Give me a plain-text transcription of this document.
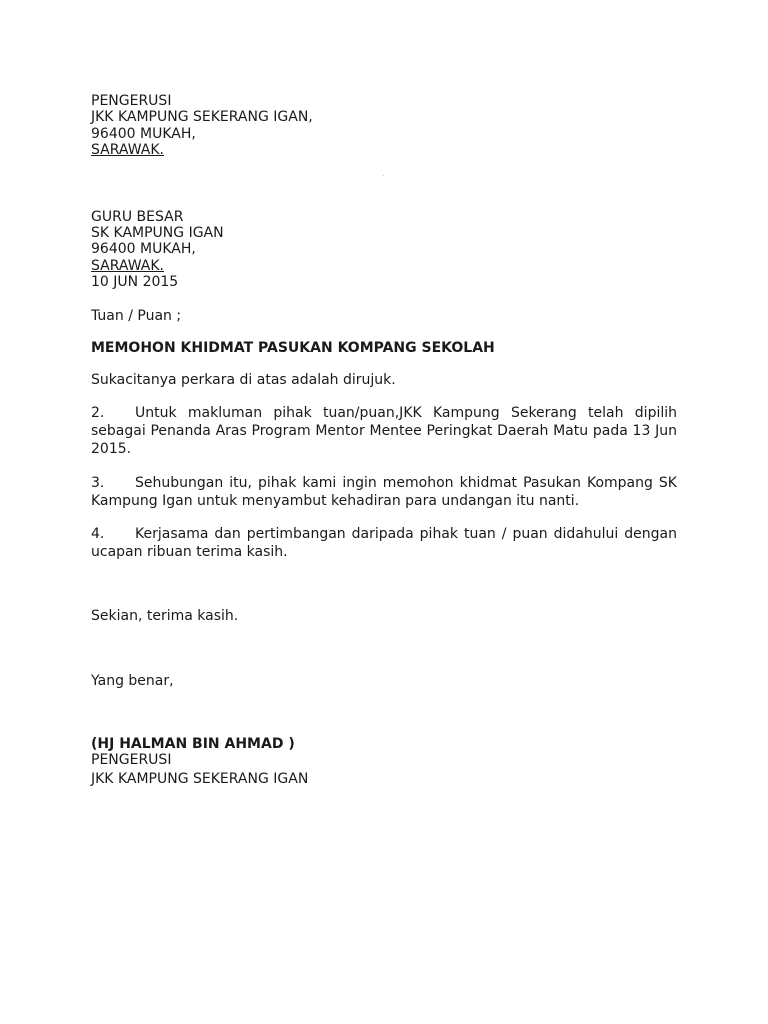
PENGERUSI
JKK KAMPUNG SEKERANG IGAN,
96400 MUKAH,
SARAWAK.
GURU BESAR
SK KAMPUNG IGAN
96400 MUKAH,
SARAWAK.
10 JUN 2015
Tuan / Puan ;
MEMOHON KHIDMAT PASUKAN KOMPANG SEKOLAH
Sukacitanya perkara di atas adalah dirujuk.
2. Untuk makluman pihak tuan/puan,JKK Kampung Sekerang telah dipilih sebagai Penanda Aras Program Mentor Mentee Peringkat Daerah Matu pada 13 Jun 2015.
3. Sehubungan itu, pihak kami ingin memohon khidmat Pasukan Kompang SK Kampung Igan untuk menyambut kehadiran para undangan itu nanti.
4. Kerjasama dan pertimbangan daripada pihak tuan / puan didahului dengan ucapan ribuan terima kasih.
Sekian, terima kasih.
Yang benar,
(HJ HALMAN BIN AHMAD )
PENGERUSI
JKK KAMPUNG SEKERANG IGAN
